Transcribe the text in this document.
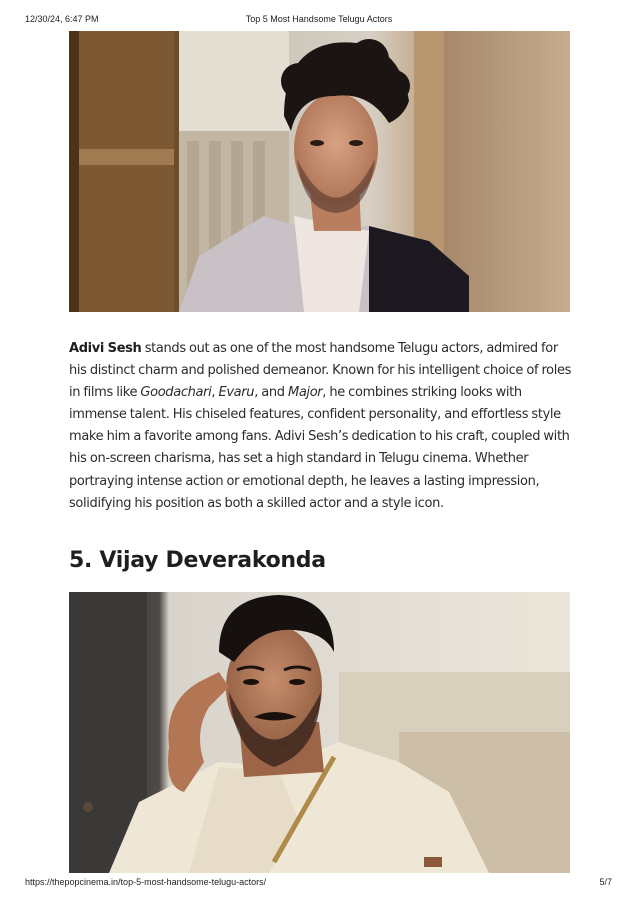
12/30/24, 6:47 PM	Top 5 Most Handsome Telugu Actors
Adivi Sesh stands out as one of the most handsome Telugu actors, admired for his distinct charm and polished demeanor. Known for his intelligent choice of roles in films like Goodachari, Evaru, and Major, he combines striking looks with immense talent. His chiseled features, confident personality, and effortless style make him a favorite among fans. Adivi Sesh’s dedication to his craft, coupled with his on-screen charisma, has set a high standard in Telugu cinema. Whether portraying intense action or emotional depth, he leaves a lasting impression, solidifying his position as both a skilled actor and a style icon.
5. Vijay Deverakonda
https://thepopcinema.in/top-5-most-handsome-telugu-actors/	5/7
